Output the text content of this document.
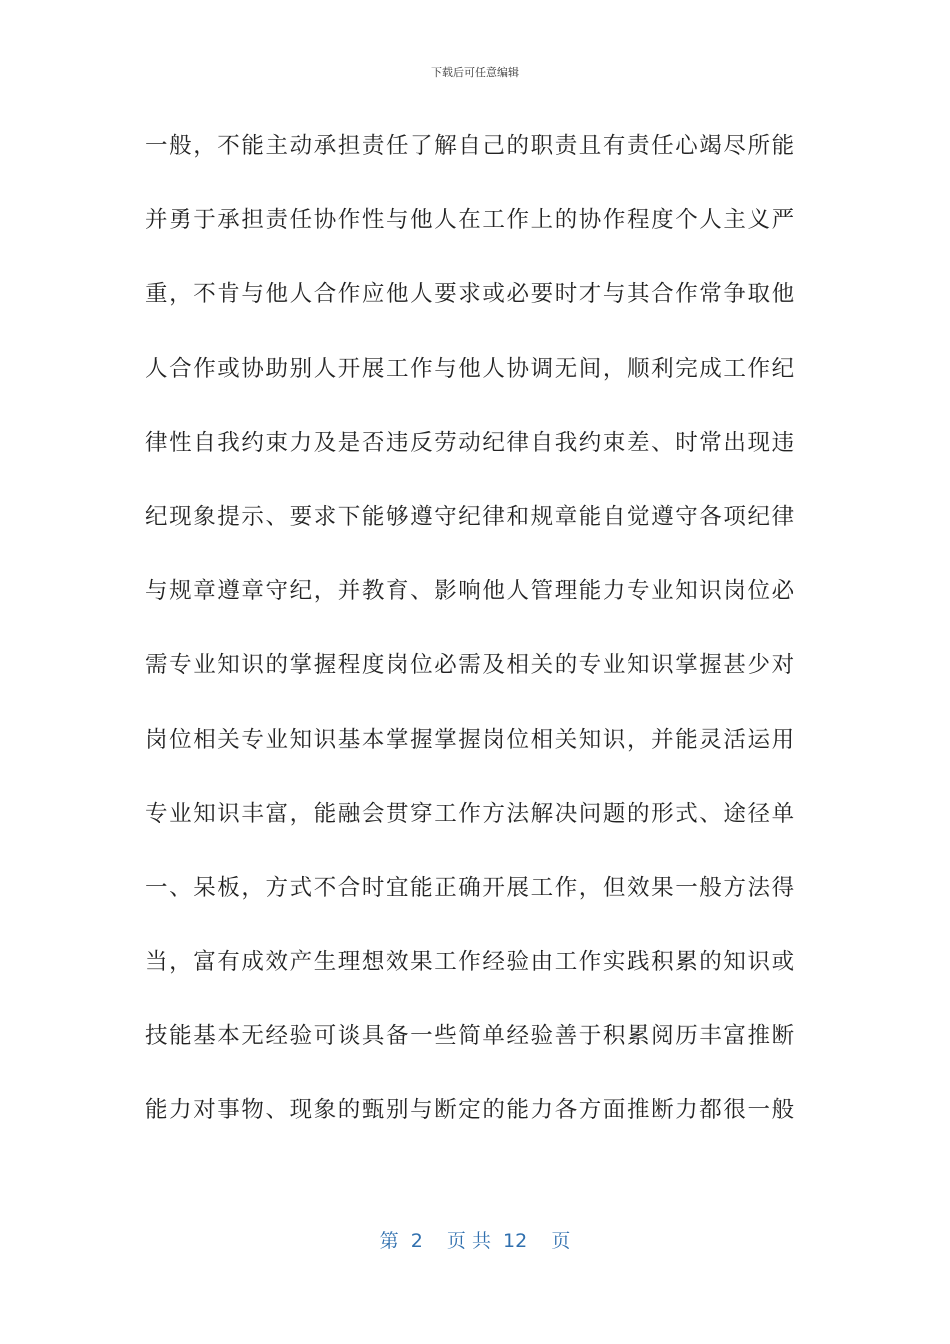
下载后可任意编辑
一般，不能主动承担责任了解自己的职责且有责任心竭尽所能
并勇于承担责任协作性与他人在工作上的协作程度个人主义严
重，不肯与他人合作应他人要求或必要时才与其合作常争取他
人合作或协助别人开展工作与他人协调无间，顺利完成工作纪
律性自我约束力及是否违反劳动纪律自我约束差、时常出现违
纪现象提示、要求下能够遵守纪律和规章能自觉遵守各项纪律
与规章遵章守纪，并教育、影响他人管理能力专业知识岗位必
需专业知识的掌握程度岗位必需及相关的专业知识掌握甚少对
岗位相关专业知识基本掌握掌握岗位相关知识，并能灵活运用
专业知识丰富，能融会贯穿工作方法解决问题的形式、途径单
一、呆板，方式不合时宜能正确开展工作，但效果一般方法得
当，富有成效产生理想效果工作经验由工作实践积累的知识或
技能基本无经验可谈具备一些简单经验善于积累阅历丰富推断
能力对事物、现象的甄别与断定的能力各方面推断力都很一般
第  2    页 共  12    页
